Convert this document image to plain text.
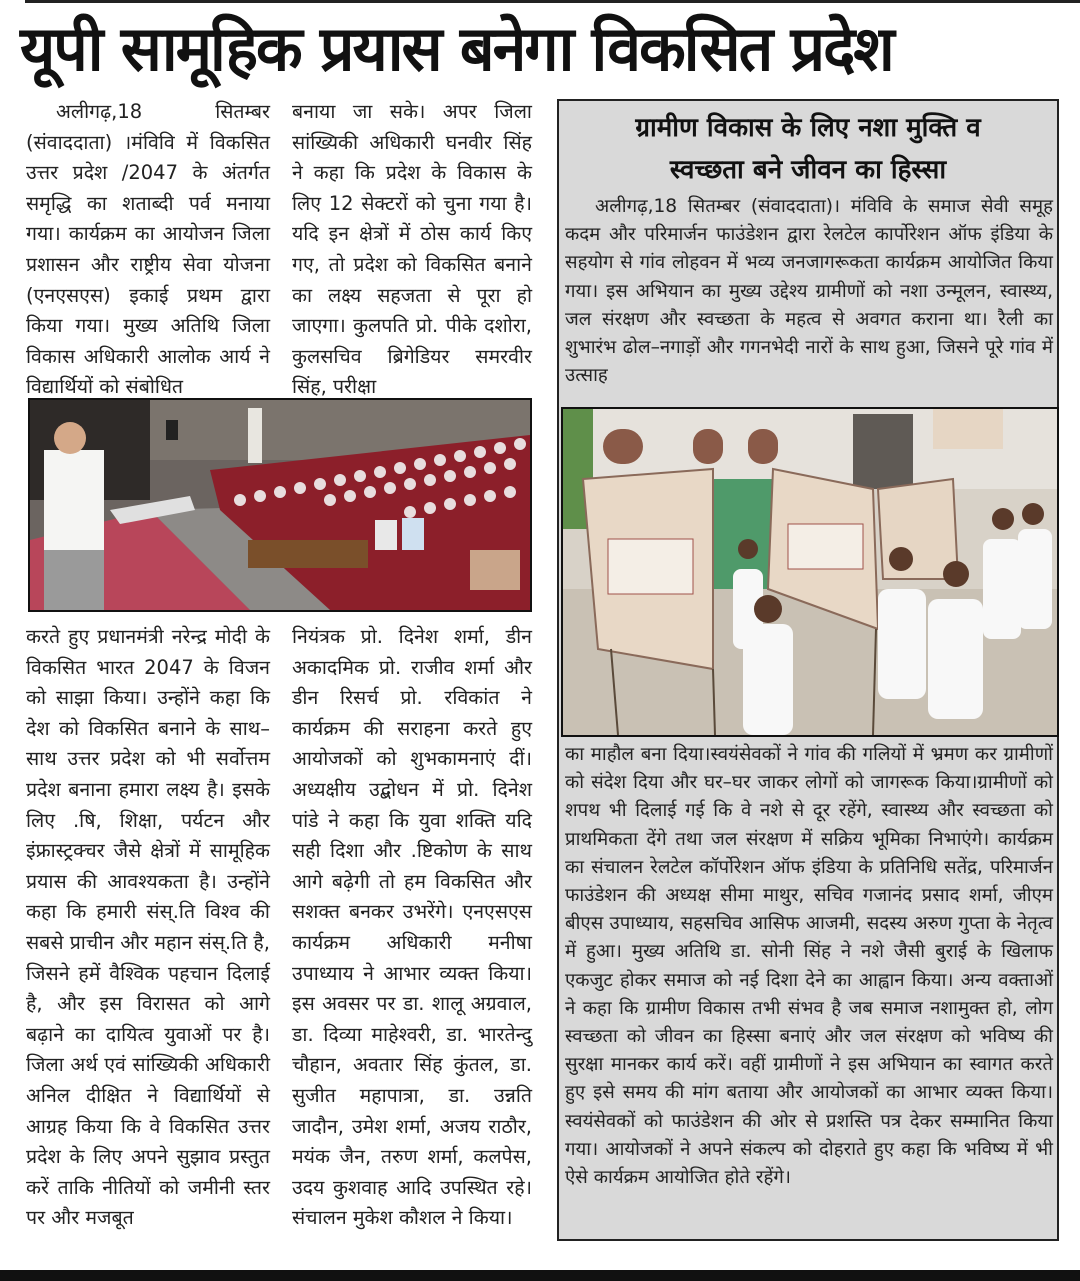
यूपी सामूहिक प्रयास बनेगा विकसित प्रदेश

अलीगढ़,18 सितम्बर (संवाददाता) ।मंविवि में विकसित उत्तर प्रदेश /2047 के अंतर्गत समृद्धि का शताब्दी पर्व मनाया गया। कार्यक्रम का आयोजन जिला प्रशासन और राष्ट्रीय सेवा योजना (एनएसएस) इकाई प्रथम द्वारा किया गया। मुख्य अतिथि जिला विकास अधिकारी आलोक आर्य ने विद्यार्थियों को संबोधित

बनाया जा सके। अपर जिला सांख्यिकी अधिकारी घनवीर सिंह ने कहा कि प्रदेश के विकास के लिए 12 सेक्टरों को चुना गया है। यदि इन क्षेत्रों में ठोस कार्य किए गए, तो प्रदेश को विकसित बनाने का लक्ष्य सहजता से पूरा हो जाएगा। कुलपति प्रो. पीके दशोरा, कुलसचिव ब्रिगेडियर समरवीर सिंह, परीक्षा

करते हुए प्रधानमंत्री नरेन्द्र मोदी के विकसित भारत 2047 के विजन को साझा किया। उन्होंने कहा कि देश को विकसित बनाने के साथ–साथ उत्तर प्रदेश को भी सर्वोत्तम प्रदेश बनाना हमारा लक्ष्य है। इसके लिए .षि, शिक्षा, पर्यटन और इंफ्रास्ट्रक्चर जैसे क्षेत्रों में सामूहिक प्रयास की आवश्यकता है। उन्होंने कहा कि हमारी संस्.ति विश्व की सबसे प्राचीन और महान संस्.ति है, जिसने हमें वैश्विक पहचान दिलाई है, और इस विरासत को आगे बढ़ाने का दायित्व युवाओं पर है। जिला अर्थ एवं सांख्यिकी अधिकारी अनिल दीक्षित ने विद्यार्थियों से आग्रह किया कि वे विकसित उत्तर प्रदेश के लिए अपने सुझाव प्रस्तुत करें ताकि नीतियों को जमीनी स्तर पर और मजबूत

नियंत्रक प्रो. दिनेश शर्मा, डीन अकादमिक प्रो. राजीव शर्मा और डीन रिसर्च प्रो. रविकांत ने कार्यक्रम की सराहना करते हुए आयोजकों को शुभकामनाएं दीं। अध्यक्षीय उद्बोधन में प्रो. दिनेश पांडे ने कहा कि युवा शक्ति यदि सही दिशा और .ष्टिकोण के साथ आगे बढ़ेगी तो हम विकसित और सशक्त बनकर उभरेंगे। एनएसएस कार्यक्रम अधिकारी मनीषा उपाध्याय ने आभार व्यक्त किया। इस अवसर पर डा. शालू अग्रवाल, डा. दिव्या माहेश्वरी, डा. भारतेन्दु चौहान, अवतार सिंह कुंतल, डा. सुजीत महापात्रा, डा. उन्नति जादौन, उमेश शर्मा, अजय राठौर, मयंक जैन, तरुण शर्मा, कलपेस, उदय कुशवाह आदि उपस्थित रहे। संचालन मुकेश कौशल ने किया।

ग्रामीण विकास के लिए नशा मुक्ति व
स्वच्छता बने जीवन का हिस्सा

अलीगढ़,18 सितम्बर (संवाददाता)। मंविवि के समाज सेवी समूह कदम और परिमार्जन फाउंडेशन द्वारा रेलटेल कार्पोरेशन ऑफ इंडिया के सहयोग से गांव लोहवन में भव्य जनजागरूकता कार्यक्रम आयोजित किया गया। इस अभियान का मुख्य उद्देश्य ग्रामीणों को नशा उन्मूलन, स्वास्थ्य, जल संरक्षण और स्वच्छता के महत्व से अवगत कराना था। रैली का शुभारंभ ढोल–नगाड़ों और गगनभेदी नारों के साथ हुआ, जिसने पूरे गांव में उत्साह

का माहौल बना दिया।स्वयंसेवकों ने गांव की गलियों में भ्रमण कर ग्रामीणों को संदेश दिया और घर–घर जाकर लोगों को जागरूक किया।ग्रामीणों को शपथ भी दिलाई गई कि वे नशे से दूर रहेंगे, स्वास्थ्य और स्वच्छता को प्राथमिकता देंगे तथा जल संरक्षण में सक्रिय भूमिका निभाएंगे। कार्यक्रम का संचालन रेलटेल कॉर्पोरेशन ऑफ इंडिया के प्रतिनिधि सतेंद्र, परिमार्जन फाउंडेशन की अध्यक्ष सीमा माथुर, सचिव गजानंद प्रसाद शर्मा, जीएम बीएस उपाध्याय, सहसचिव आसिफ आजमी, सदस्य अरुण गुप्ता के नेतृत्व में हुआ। मुख्य अतिथि डा. सोनी सिंह ने नशे जैसी बुराई के खिलाफ एकजुट होकर समाज को नई दिशा देने का आह्वान किया। अन्य वक्ताओं ने कहा कि ग्रामीण विकास तभी संभव है जब समाज नशामुक्त हो, लोग स्वच्छता को जीवन का हिस्सा बनाएं और जल संरक्षण को भविष्य की सुरक्षा मानकर कार्य करें। वहीं ग्रामीणों ने इस अभियान का स्वागत करते हुए इसे समय की मांग बताया और आयोजकों का आभार व्यक्त किया। स्वयंसेवकों को फाउंडेशन की ओर से प्रशस्ति पत्र देकर सम्मानित किया गया। आयोजकों ने अपने संकल्प को दोहराते हुए कहा कि भविष्य में भी ऐसे कार्यक्रम आयोजित होते रहेंगे।
